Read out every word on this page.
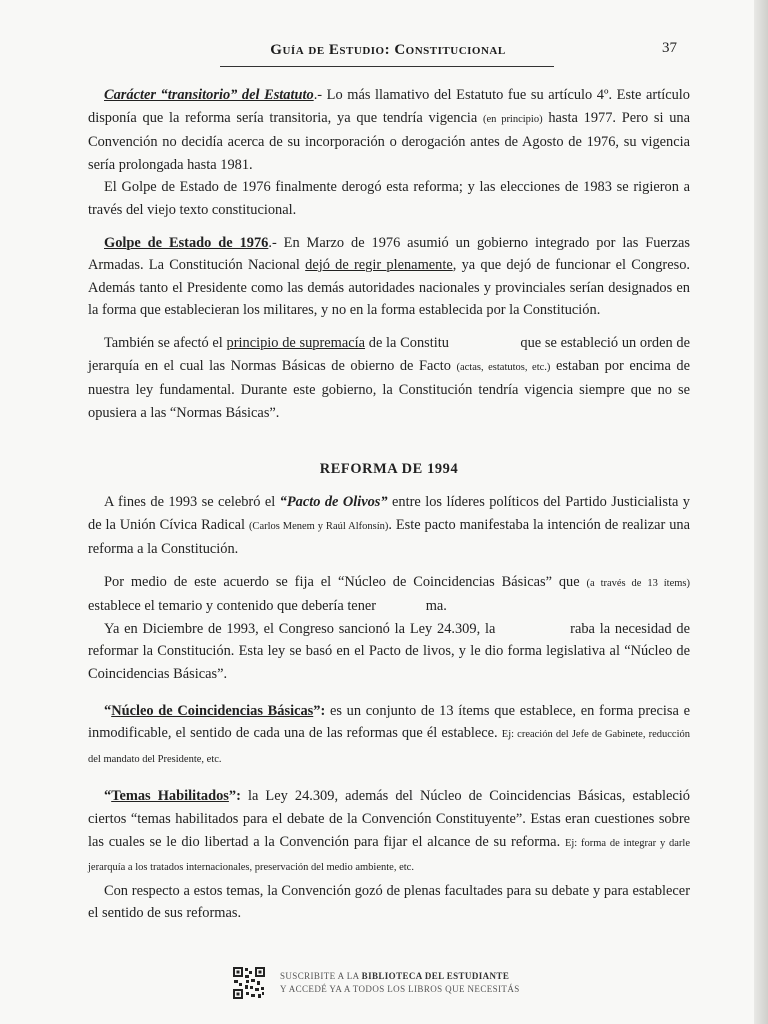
Guía de Estudio: Constitucional	37

Carácter “transitorio” del Estatuto.- Lo más llamativo del Estatuto fue su artículo 4º. Este artículo disponía que la reforma sería transitoria, ya que tendría vigencia (en principio) hasta 1977. Pero si una Convención no decidía acerca de su incorporación o derogación antes de Agosto de 1976, su vigencia sería prolongada hasta 1981.

El Golpe de Estado de 1976 finalmente derogó esta reforma; y las elecciones de 1983 se rigieron a través del viejo texto constitucional.

Golpe de Estado de 1976.- En Marzo de 1976 asumió un gobierno integrado por las Fuerzas Armadas. La Constitución Nacional dejó de regir plenamente, ya que dejó de funcionar el Congreso. Además tanto el Presidente como las demás autoridades nacionales y provinciales serían designados en la forma que establecieran los militares, y no en la forma establecida por la Constitución.

También se afectó el principio de supremacía de la Constitu	que se estableció un orden de jerarquía en el cual las Normas Básicas de obierno de Facto (actas, estatutos, etc.) estaban por encima de nuestra ley fundamental. Durante este gobierno, la Constitución tendría vigencia siempre que no se opusiera a las “Normas Básicas”.

REFORMA DE 1994

A fines de 1993 se celebró el “Pacto de Olivos” entre los líderes políticos del Partido Justicialista y de la Unión Cívica Radical (Carlos Menem y Raúl Alfonsín). Este pacto manifestaba la intención de realizar una reforma a la Constitución.

Por medio de este acuerdo se fija el “Núcleo de Coincidencias Básicas” que (a través de 13 ítems) establece el temario y contenido que debería tener	ma.

Ya en Diciembre de 1993, el Congreso sancionó la Ley 24.309, la	raba la necesidad de reformar la Constitución. Esta ley se basó en el Pacto de livos, y le dio forma legislativa al “Núcleo de Coincidencias Básicas”.

“Núcleo de Coincidencias Básicas”: es un conjunto de 13 ítems que establece, en forma precisa e inmodificable, el sentido de cada una de las reformas que él establece. Ej: creación del Jefe de Gabinete, reducción del mandato del Presidente, etc.

“Temas Habilitados”: la Ley 24.309, además del Núcleo de Coincidencias Básicas, estableció ciertos “temas habilitados para el debate de la Convención Constituyente”. Estas eran cuestiones sobre las cuales se le dio libertad a la Convención para fijar el alcance de su reforma. Ej: forma de integrar y darle jerarquía a los tratados internacionales, preservación del medio ambiente, etc.

Con respecto a estos temas, la Convención gozó de plenas facultades para su debate y para establecer el sentido de sus reformas.

SUSCRIBITE A LA BIBLIOTECA DEL ESTUDIANTE
Y ACCEDÉ YA A TODOS LOS LIBROS QUE NECESITÁS
